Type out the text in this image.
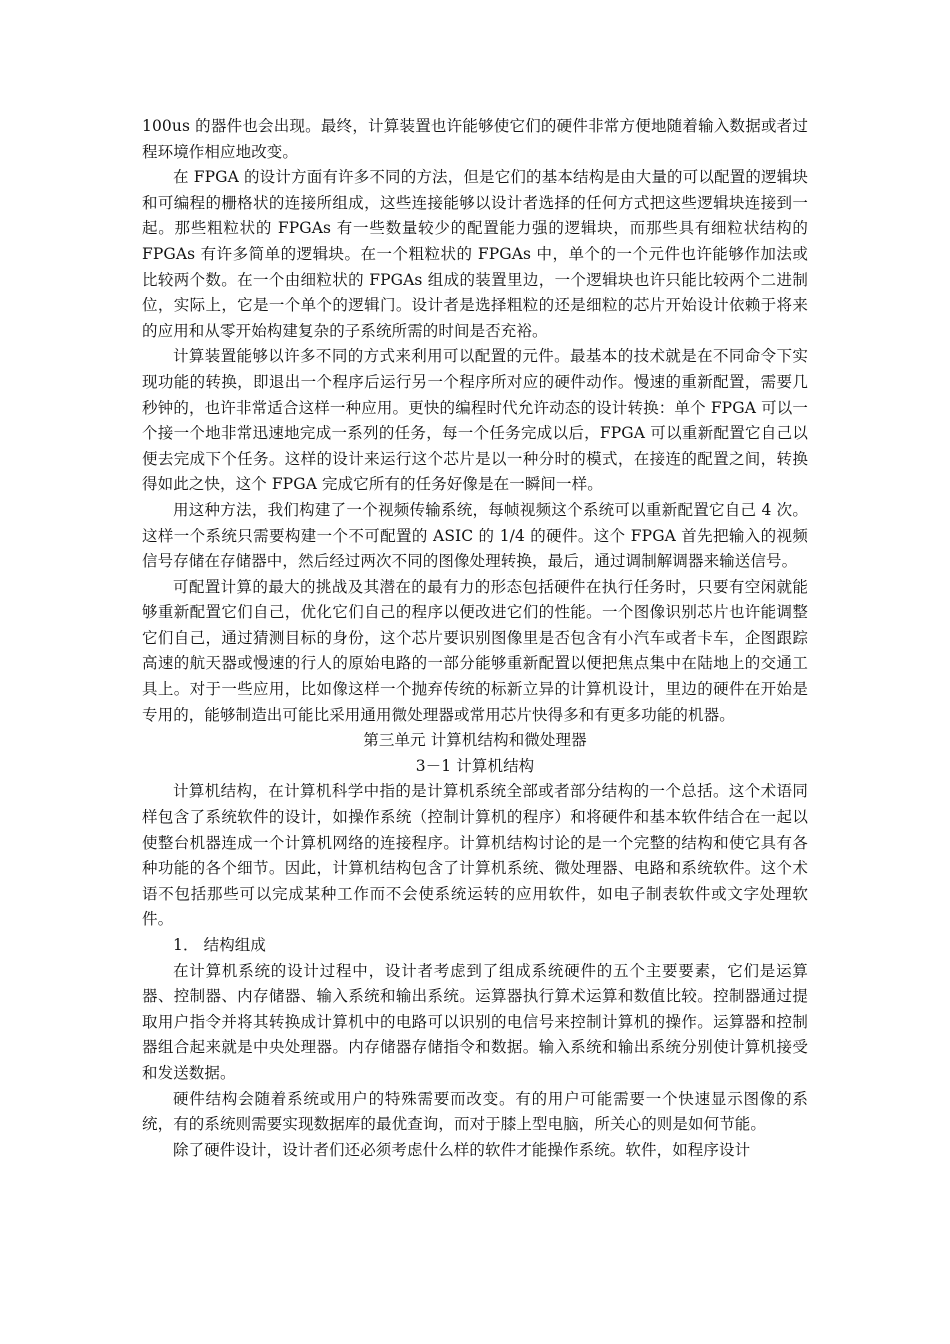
100us 的器件也会出现。最终，计算装置也许能够使它们的硬件非常方便地随着输入数据或者过程环境作相应地改变。

在 FPGA 的设计方面有许多不同的方法，但是它们的基本结构是由大量的可以配置的逻辑块和可编程的栅格状的连接所组成，这些连接能够以设计者选择的任何方式把这些逻辑块连接到一起。那些粗粒状的 FPGAs 有一些数量较少的配置能力强的逻辑块，而那些具有细粒状结构的 FPGAs 有许多简单的逻辑块。在一个粗粒状的 FPGAs 中，单个的一个元件也许能够作加法或比较两个数。在一个由细粒状的 FPGAs 组成的装置里边，一个逻辑块也许只能比较两个二进制位，实际上，它是一个单个的逻辑门。设计者是选择粗粒的还是细粒的芯片开始设计依赖于将来的应用和从零开始构建复杂的子系统所需的时间是否充裕。

计算装置能够以许多不同的方式来利用可以配置的元件。最基本的技术就是在不同命令下实现功能的转换，即退出一个程序后运行另一个程序所对应的硬件动作。慢速的重新配置，需要几秒钟的，也许非常适合这样一种应用。更快的编程时代允许动态的设计转换：单个 FPGA 可以一个接一个地非常迅速地完成一系列的任务，每一个任务完成以后，FPGA 可以重新配置它自己以便去完成下个任务。这样的设计来运行这个芯片是以一种分时的模式，在接连的配置之间，转换得如此之快，这个 FPGA 完成它所有的任务好像是在一瞬间一样。

用这种方法，我们构建了一个视频传输系统，每帧视频这个系统可以重新配置它自己 4 次。这样一个系统只需要构建一个不可配置的 ASIC 的 1/4 的硬件。这个 FPGA 首先把输入的视频信号存储在存储器中，然后经过两次不同的图像处理转换，最后，通过调制解调器来输送信号。

可配置计算的最大的挑战及其潜在的最有力的形态包括硬件在执行任务时，只要有空闲就能够重新配置它们自己，优化它们自己的程序以便改进它们的性能。一个图像识别芯片也许能调整它们自己，通过猜测目标的身份，这个芯片要识别图像里是否包含有小汽车或者卡车，企图跟踪高速的航天器或慢速的行人的原始电路的一部分能够重新配置以便把焦点集中在陆地上的交通工具上。对于一些应用，比如像这样一个抛弃传统的标新立异的计算机设计，里边的硬件在开始是专用的，能够制造出可能比采用通用微处理器或常用芯片快得多和有更多功能的机器。

第三单元 计算机结构和微处理器

3－1 计算机结构

计算机结构，在计算机科学中指的是计算机系统全部或者部分结构的一个总括。这个术语同样包含了系统软件的设计，如操作系统（控制计算机的程序）和将硬件和基本软件结合在一起以使整台机器连成一个计算机网络的连接程序。计算机结构讨论的是一个完整的结构和使它具有各种功能的各个细节。因此，计算机结构包含了计算机系统、微处理器、电路和系统软件。这个术语不包括那些可以完成某种工作而不会使系统运转的应用软件，如电子制表软件或文字处理软件。

1． 结构组成

在计算机系统的设计过程中，设计者考虑到了组成系统硬件的五个主要要素，它们是运算器、控制器、内存储器、输入系统和输出系统。运算器执行算术运算和数值比较。控制器通过提取用户指令并将其转换成计算机中的电路可以识别的电信号来控制计算机的操作。运算器和控制器组合起来就是中央处理器。内存储器存储指令和数据。输入系统和输出系统分别使计算机接受和发送数据。

硬件结构会随着系统或用户的特殊需要而改变。有的用户可能需要一个快速显示图像的系统，有的系统则需要实现数据库的最优查询，而对于膝上型电脑，所关心的则是如何节能。

除了硬件设计，设计者们还必须考虑什么样的软件才能操作系统。软件，如程序设计
